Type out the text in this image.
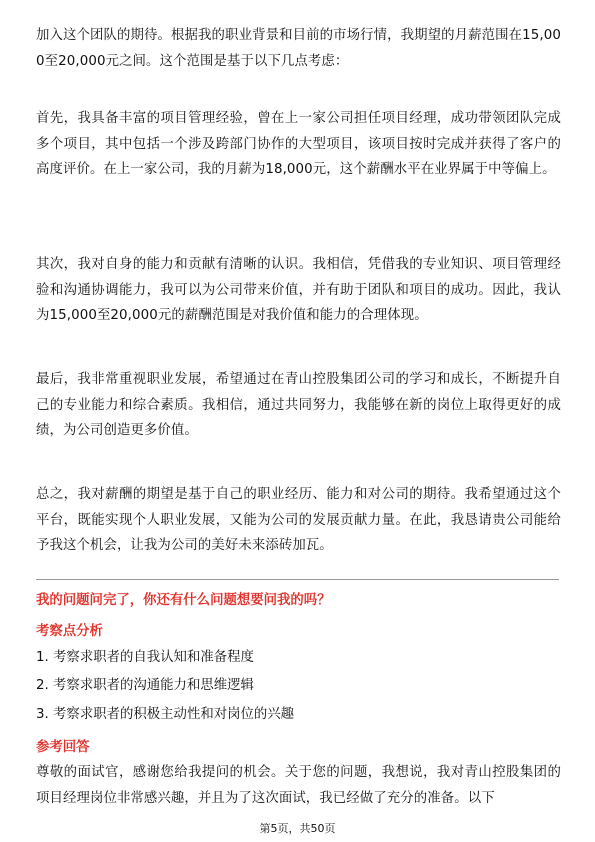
加入这个团队的期待。根据我的职业背景和目前的市场行情，我期望的月薪范围在15,000至20,000元之间。这个范围是基于以下几点考虑：

首先，我具备丰富的项目管理经验，曾在上一家公司担任项目经理，成功带领团队完成多个项目，其中包括一个涉及跨部门协作的大型项目，该项目按时完成并获得了客户的高度评价。在上一家公司，我的月薪为18,000元，这个薪酬水平在业界属于中等偏上。

其次，我对自身的能力和贡献有清晰的认识。我相信，凭借我的专业知识、项目管理经验和沟通协调能力，我可以为公司带来价值，并有助于团队和项目的成功。因此，我认为15,000至20,000元的薪酬范围是对我价值和能力的合理体现。

最后，我非常重视职业发展，希望通过在青山控股集团公司的学习和成长，不断提升自己的专业能力和综合素质。我相信，通过共同努力，我能够在新的岗位上取得更好的成绩，为公司创造更多价值。

总之，我对薪酬的期望是基于自己的职业经历、能力和对公司的期待。我希望通过这个平台，既能实现个人职业发展，又能为公司的发展贡献力量。在此，我恳请贵公司能给予我这个机会，让我为公司的美好未来添砖加瓦。

我的问题问完了，你还有什么问题想要问我的吗？

考察点分析

1. 考察求职者的自我认知和准备程度

2. 考察求职者的沟通能力和思维逻辑

3. 考察求职者的积极主动性和对岗位的兴趣

参考回答

尊敬的面试官，感谢您给我提问的机会。关于您的问题，我想说，我对青山控股集团的项目经理岗位非常感兴趣，并且为了这次面试，我已经做了充分的准备。以下

第5页，共50页
